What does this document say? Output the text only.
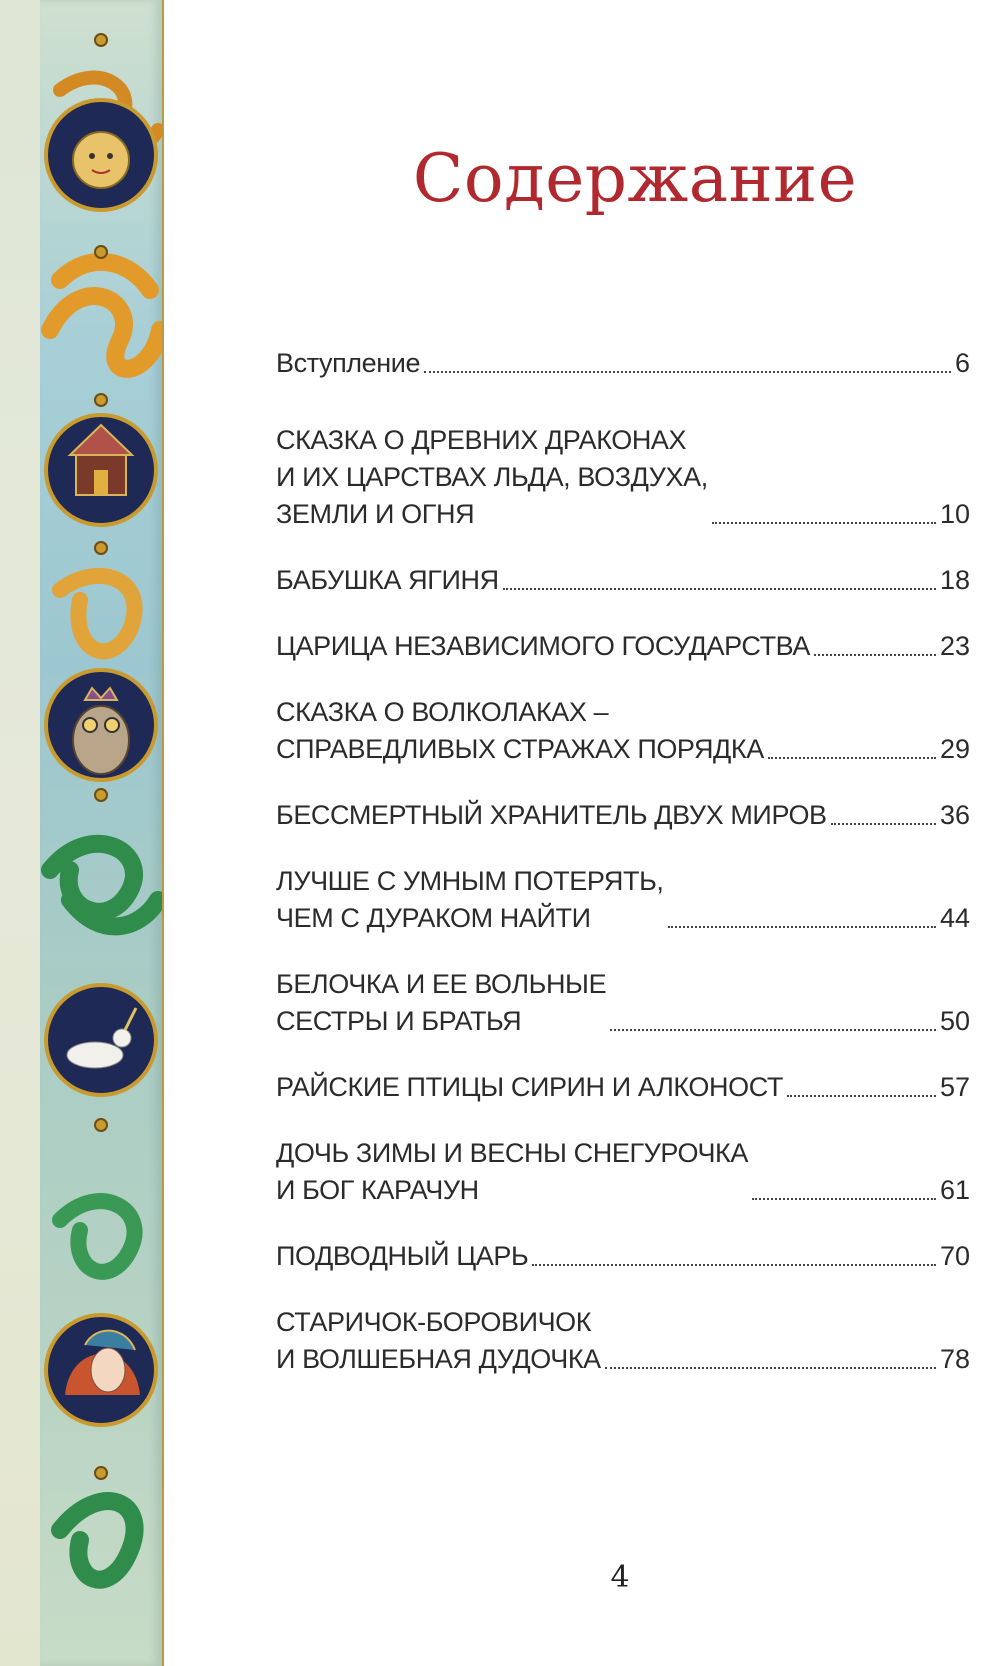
Содержание
Вступление	6
СКАЗКА О ДРЕВНИХ ДРАКОНАХ
И ИХ ЦАРСТВАХ ЛЬДА, ВОЗДУХА,
ЗЕМЛИ И ОГНЯ	10
БАБУШКА ЯГИНЯ	18
ЦАРИЦА НЕЗАВИСИМОГО ГОСУДАРСТВА	23
СКАЗКА О ВОЛКОЛАКАХ –
СПРАВЕДЛИВЫХ СТРАЖАХ ПОРЯДКА	29
БЕССМЕРТНЫЙ ХРАНИТЕЛЬ ДВУХ МИРОВ	36
ЛУЧШЕ С УМНЫМ ПОТЕРЯТЬ,
ЧЕМ С ДУРАКОМ НАЙТИ	44
БЕЛОЧКА И ЕЕ ВОЛЬНЫЕ
СЕСТРЫ И БРАТЬЯ	50
РАЙСКИЕ ПТИЦЫ СИРИН И АЛКОНОСТ	57
ДОЧЬ ЗИМЫ И ВЕСНЫ СНЕГУРОЧКА
И БОГ КАРАЧУН	61
ПОДВОДНЫЙ ЦАРЬ	70
СТАРИЧОК-БОРОВИЧОК
И ВОЛШЕБНАЯ ДУДОЧКА	78
4
